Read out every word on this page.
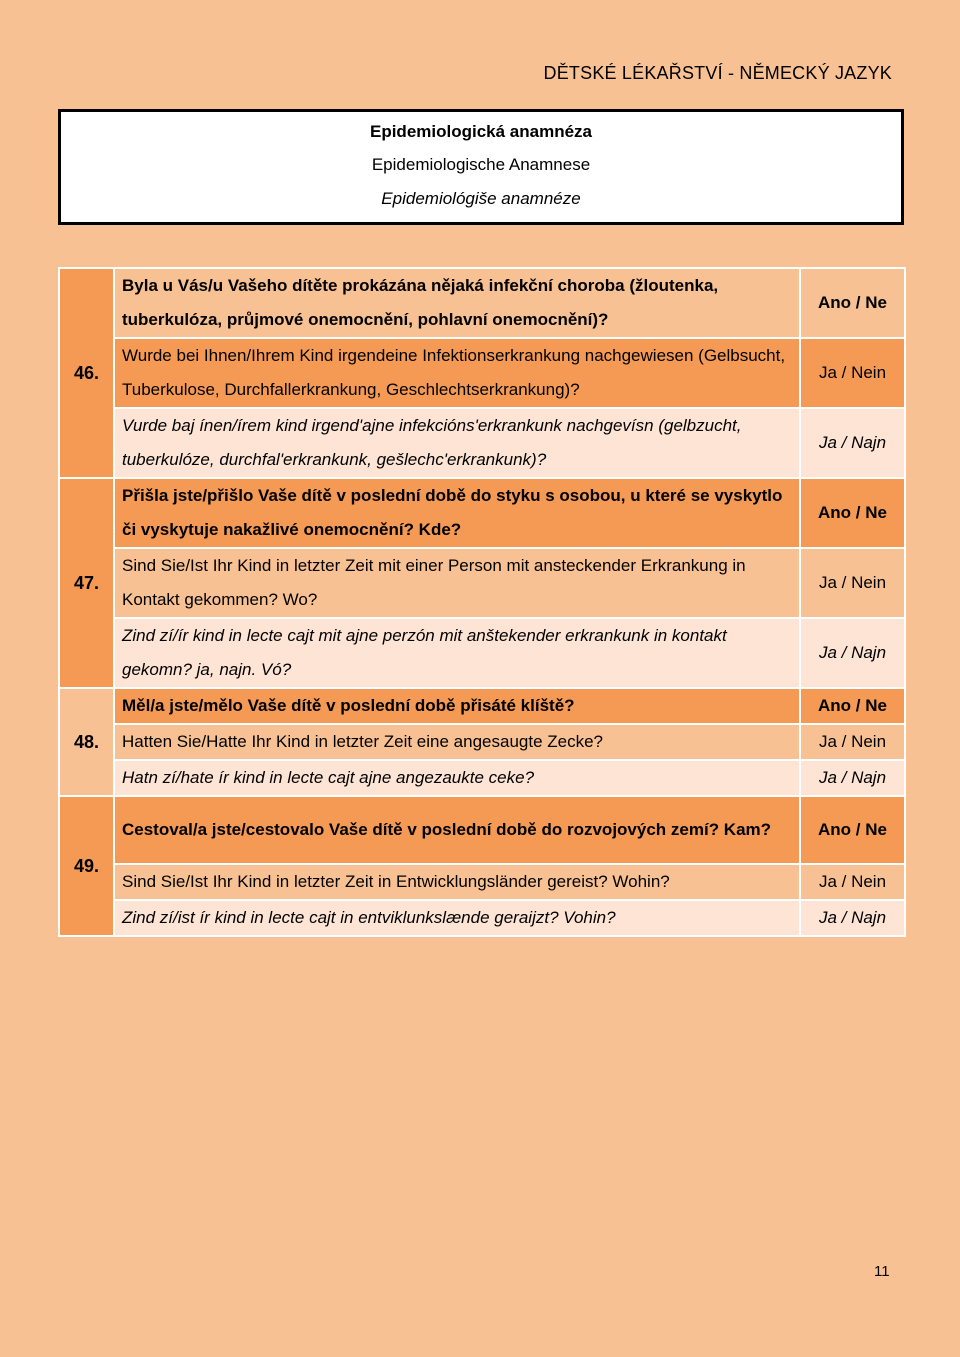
DĚTSKÉ LÉKAŘSTVÍ - NĚMECKÝ JAZYK
Epidemiologická anamnéza
Epidemiologische Anamnese
Epidemiológiše anamnéze
46.	Byla u Vás/u Vašeho dítěte prokázána nějaká infekční choroba (žloutenka, tuberkulóza, průjmové onemocnění, pohlavní onemocnění)?	Ano / Ne
	Wurde bei Ihnen/Ihrem Kind irgendeine Infektionserkrankung nachgewiesen (Gelbsucht, Tuberkulose, Durchfallerkrankung, Geschlechtserkrankung)?	Ja / Nein
	Vurde baj ínen/írem kind irgend'ajne infekcións'erkrankunk nachgevísn (gelbzucht, tuberkulóze, durchfal'erkrankunk, gešlechc'erkrankunk)?	Ja / Najn
47.	Přišla jste/přišlo Vaše dítě v poslední době do styku s osobou, u které se vyskytlo či vyskytuje nakažlivé onemocnění? Kde?	Ano / Ne
	Sind Sie/Ist Ihr Kind in letzter Zeit mit einer Person mit ansteckender Erkrankung in Kontakt gekommen? Wo?	Ja / Nein
	Zind zí/ír kind in lecte cajt mit ajne perzón mit anštekender erkrankunk in kontakt gekomn? ja, najn. Vó?	Ja / Najn
48.	Měl/a jste/mělo Vaše dítě v poslední době přisáté klíště?	Ano / Ne
	Hatten Sie/Hatte Ihr Kind in letzter Zeit eine angesaugte Zecke?	Ja / Nein
	Hatn zí/hate ír kind in lecte cajt ajne angezaukte ceke?	Ja / Najn
49.	Cestoval/a jste/cestovalo Vaše dítě v poslední době do rozvojových zemí? Kam?	Ano / Ne
	Sind Sie/Ist Ihr Kind in letzter Zeit in Entwicklungsländer gereist? Wohin?	Ja / Nein
	Zind zí/ist ír kind in lecte cajt in entviklunkslænde geraijzt? Vohin?	Ja / Najn
11
